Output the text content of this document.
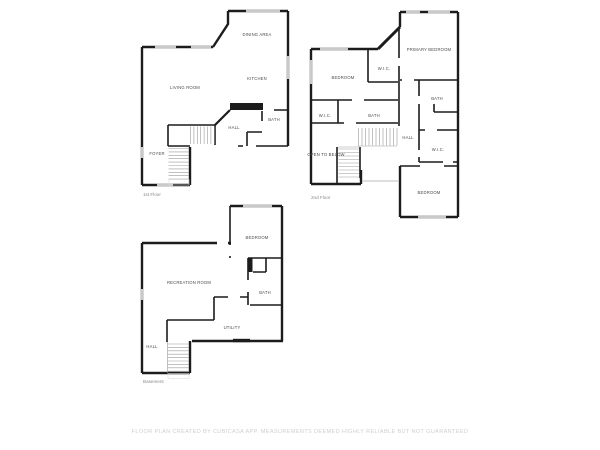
DINING AREA
KITCHEN
LIVING ROOM
BATH
HALL
FOYER
1st Floor
BEDROOM
W.I.C.
PRIMARY BEDROOM
W.I.C.	BATH
BATH
HALL
W.I.C.
OPEN TO BELOW
BEDROOM
2nd Floor
BEDROOM
RECREATION ROOM
BATH
UTILITY
HALL
Basement
FLOOR PLAN CREATED BY CUBICASA APP. MEASUREMENTS DEEMED HIGHLY RELIABLE BUT NOT GUARANTEED
